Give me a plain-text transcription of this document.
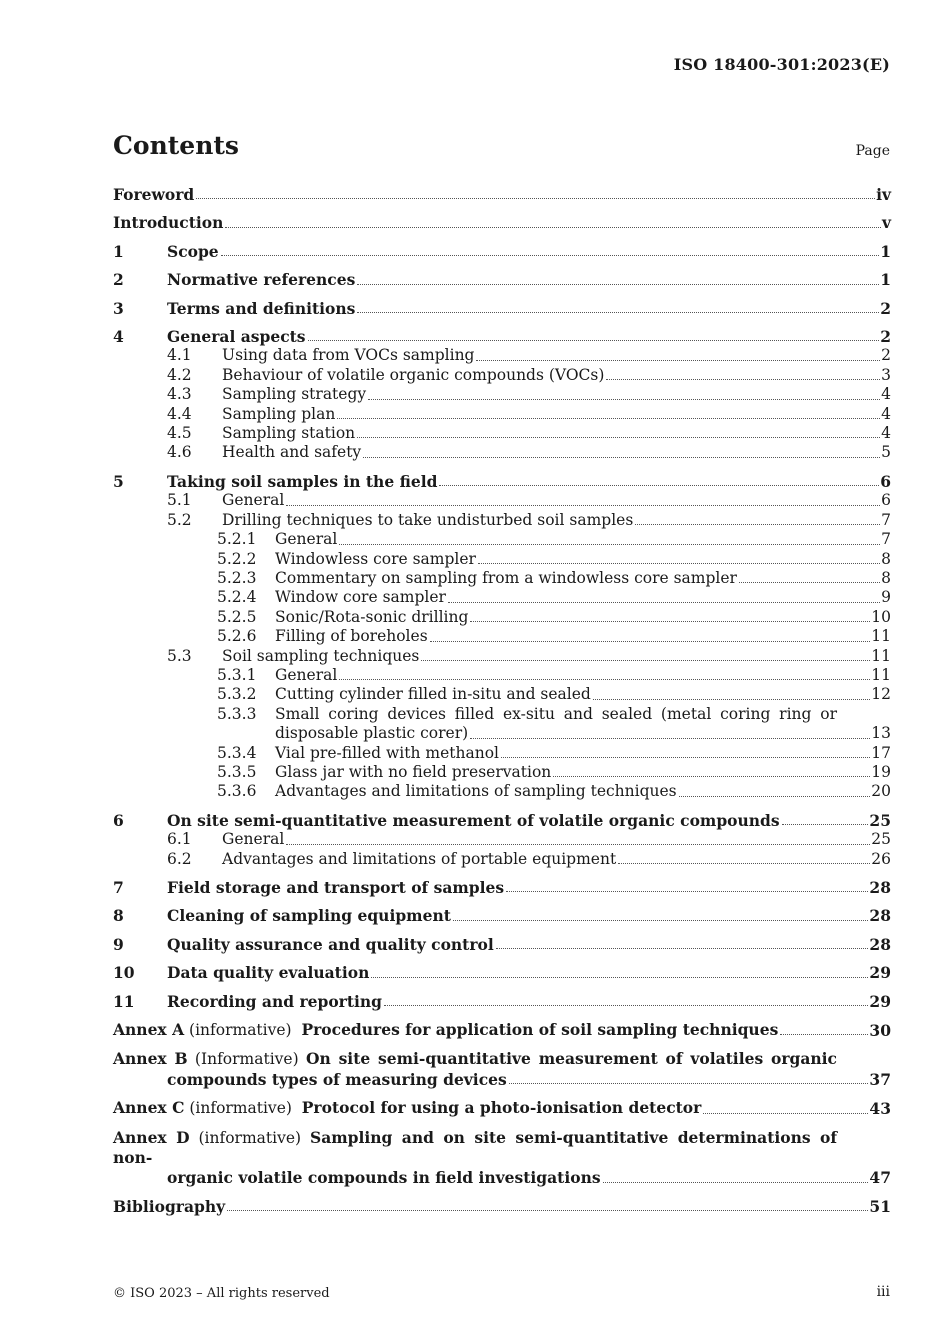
ISO 18400-301:2023(E)
Contents	Page
Foreword	iv
Introduction	v
1	Scope	1
2	Normative references	1
3	Terms and definitions	2
4	General aspects	2
4.1	Using data from VOCs sampling	2
4.2	Behaviour of volatile organic compounds (VOCs)	3
4.3	Sampling strategy	4
4.4	Sampling plan	4
4.5	Sampling station	4
4.6	Health and safety	5
5	Taking soil samples in the field	6
5.1	General	6
5.2	Drilling techniques to take undisturbed soil samples	7
5.2.1	General	7
5.2.2	Windowless core sampler	8
5.2.3	Commentary on sampling from a windowless core sampler	8
5.2.4	Window core sampler	9
5.2.5	Sonic/Rota-sonic drilling	10
5.2.6	Filling of boreholes	11
5.3	Soil sampling techniques	11
5.3.1	General	11
5.3.2	Cutting cylinder filled in-situ and sealed	12
5.3.3	Small coring devices filled ex-situ and sealed (metal coring ring or
disposable plastic corer)	13
5.3.4	Vial pre-filled with methanol	17
5.3.5	Glass jar with no field preservation	19
5.3.6	Advantages and limitations of sampling techniques	20
6	On site semi-quantitative measurement of volatile organic compounds	25
6.1	General	25
6.2	Advantages and limitations of portable equipment	26
7	Field storage and transport of samples	28
8	Cleaning of sampling equipment	28
9	Quality assurance and quality control	28
10	Data quality evaluation	29
11	Recording and reporting	29
Annex A (informative) Procedures for application of soil sampling techniques	30
Annex B (Informative) On site semi-quantitative measurement of volatiles organic
compounds types of measuring devices	37
Annex C (informative) Protocol for using a photo-ionisation detector	43
Annex D (informative) Sampling and on site semi-quantitative determinations of non-
organic volatile compounds in field investigations	47
Bibliography	51
© ISO 2023 – All rights reserved	iii
